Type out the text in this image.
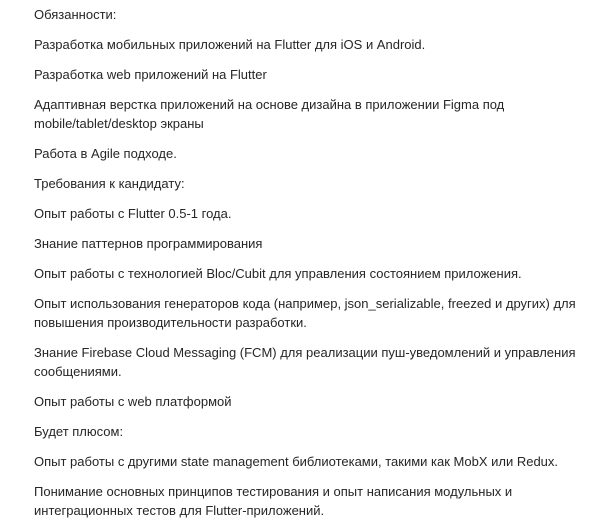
Обязанности:

Разработка мобильных приложений на Flutter для iOS и Android.

Разработка web приложений на Flutter

Адаптивная верстка приложений на основе дизайна в приложении Figma под mobile/tablet/desktop экраны

Работа в Agile подходе.

Требования к кандидату:

Опыт работы с Flutter 0.5-1 года.

Знание паттернов программирования

Опыт работы с технологией Bloc/Cubit для управления состоянием приложения.

Опыт использования генераторов кода (например, json_serializable, freezed и других) для повышения производительности разработки.

Знание Firebase Cloud Messaging (FCM) для реализации пуш-уведомлений и управления сообщениями.

Опыт работы с web платформой

Будет плюсом:

Опыт работы с другими state management библиотеками, такими как MobX или Redux.

Понимание основных принципов тестирования и опыт написания модульных и интеграционных тестов для Flutter-приложений.
